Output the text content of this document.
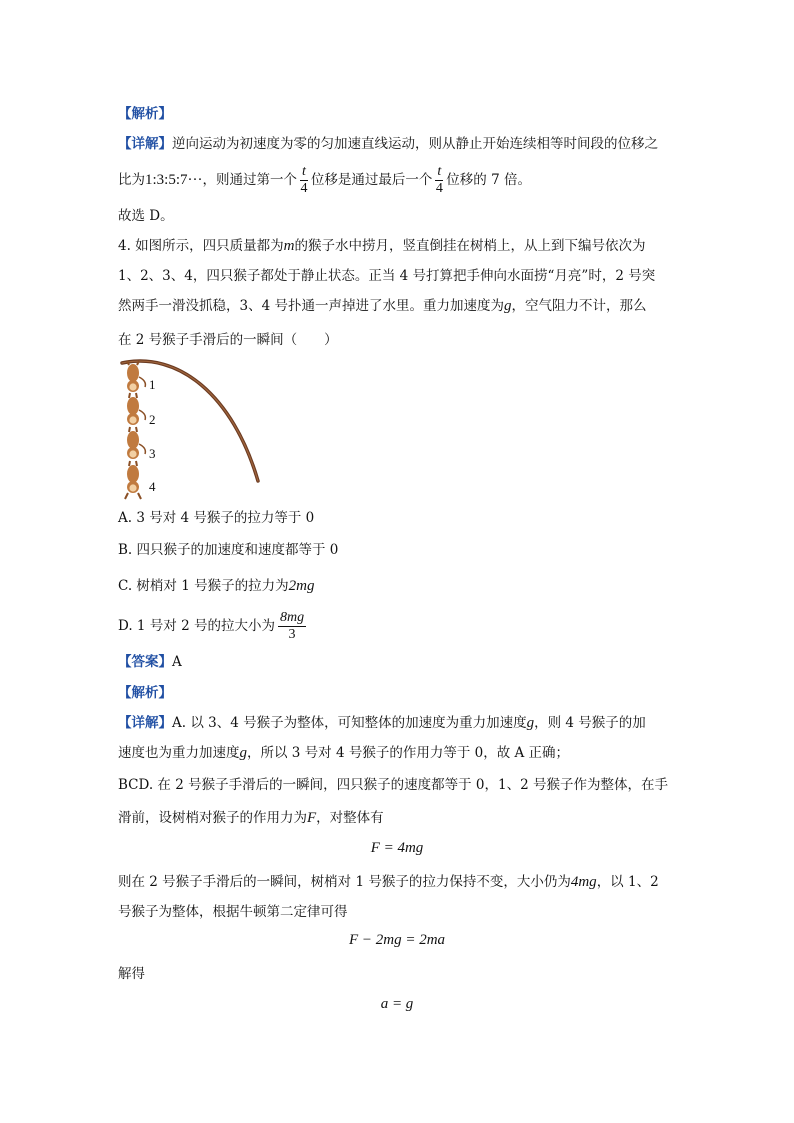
【解析】
【详解】逆向运动为初速度为零的匀加速直线运动，则从静止开始连续相等时间段的位移之
比为1:3:5:7···，则通过第一个 $\frac{t}{4}$ 位移是通过最后一个 $\frac{t}{4}$ 位移的 7 倍。
故选 D。
4. 如图所示，四只质量都为m的猴子水中捞月，竖直倒挂在树梢上，从上到下编号依次为
1、2、3、4，四只猴子都处于静止状态。正当 4 号打算把手伸向水面捞“月亮”时，2 号突
然两手一滑没抓稳，3、4 号扑通一声掉进了水里。重力加速度为g，空气阻力不计，那么
在 2 号猴子手滑后的一瞬间（　　）
1
2
3
4
A. 3 号对 4 号猴子的拉力等于 0
B. 四只猴子的加速度和速度都等于 0
C. 树梢对 1 号猴子的拉力为2mg
D. 1 号对 2 号的拉大小为 $\frac{8mg}{3}$
【答案】A
【解析】
【详解】A. 以 3、4 号猴子为整体，可知整体的加速度为重力加速度g，则 4 号猴子的加
速度也为重力加速度g，所以 3 号对 4 号猴子的作用力等于 0，故 A 正确；
BCD. 在 2 号猴子手滑后的一瞬间，四只猴子的速度都等于 0，1、2 号猴子作为整体，在手
滑前，设树梢对猴子的作用力为F，对整体有
F = 4mg
则在 2 号猴子手滑后的一瞬间，树梢对 1 号猴子的拉力保持不变，大小仍为4mg，以 1、2
号猴子为整体，根据牛顿第二定律可得
F − 2mg = 2ma
解得
a = g
